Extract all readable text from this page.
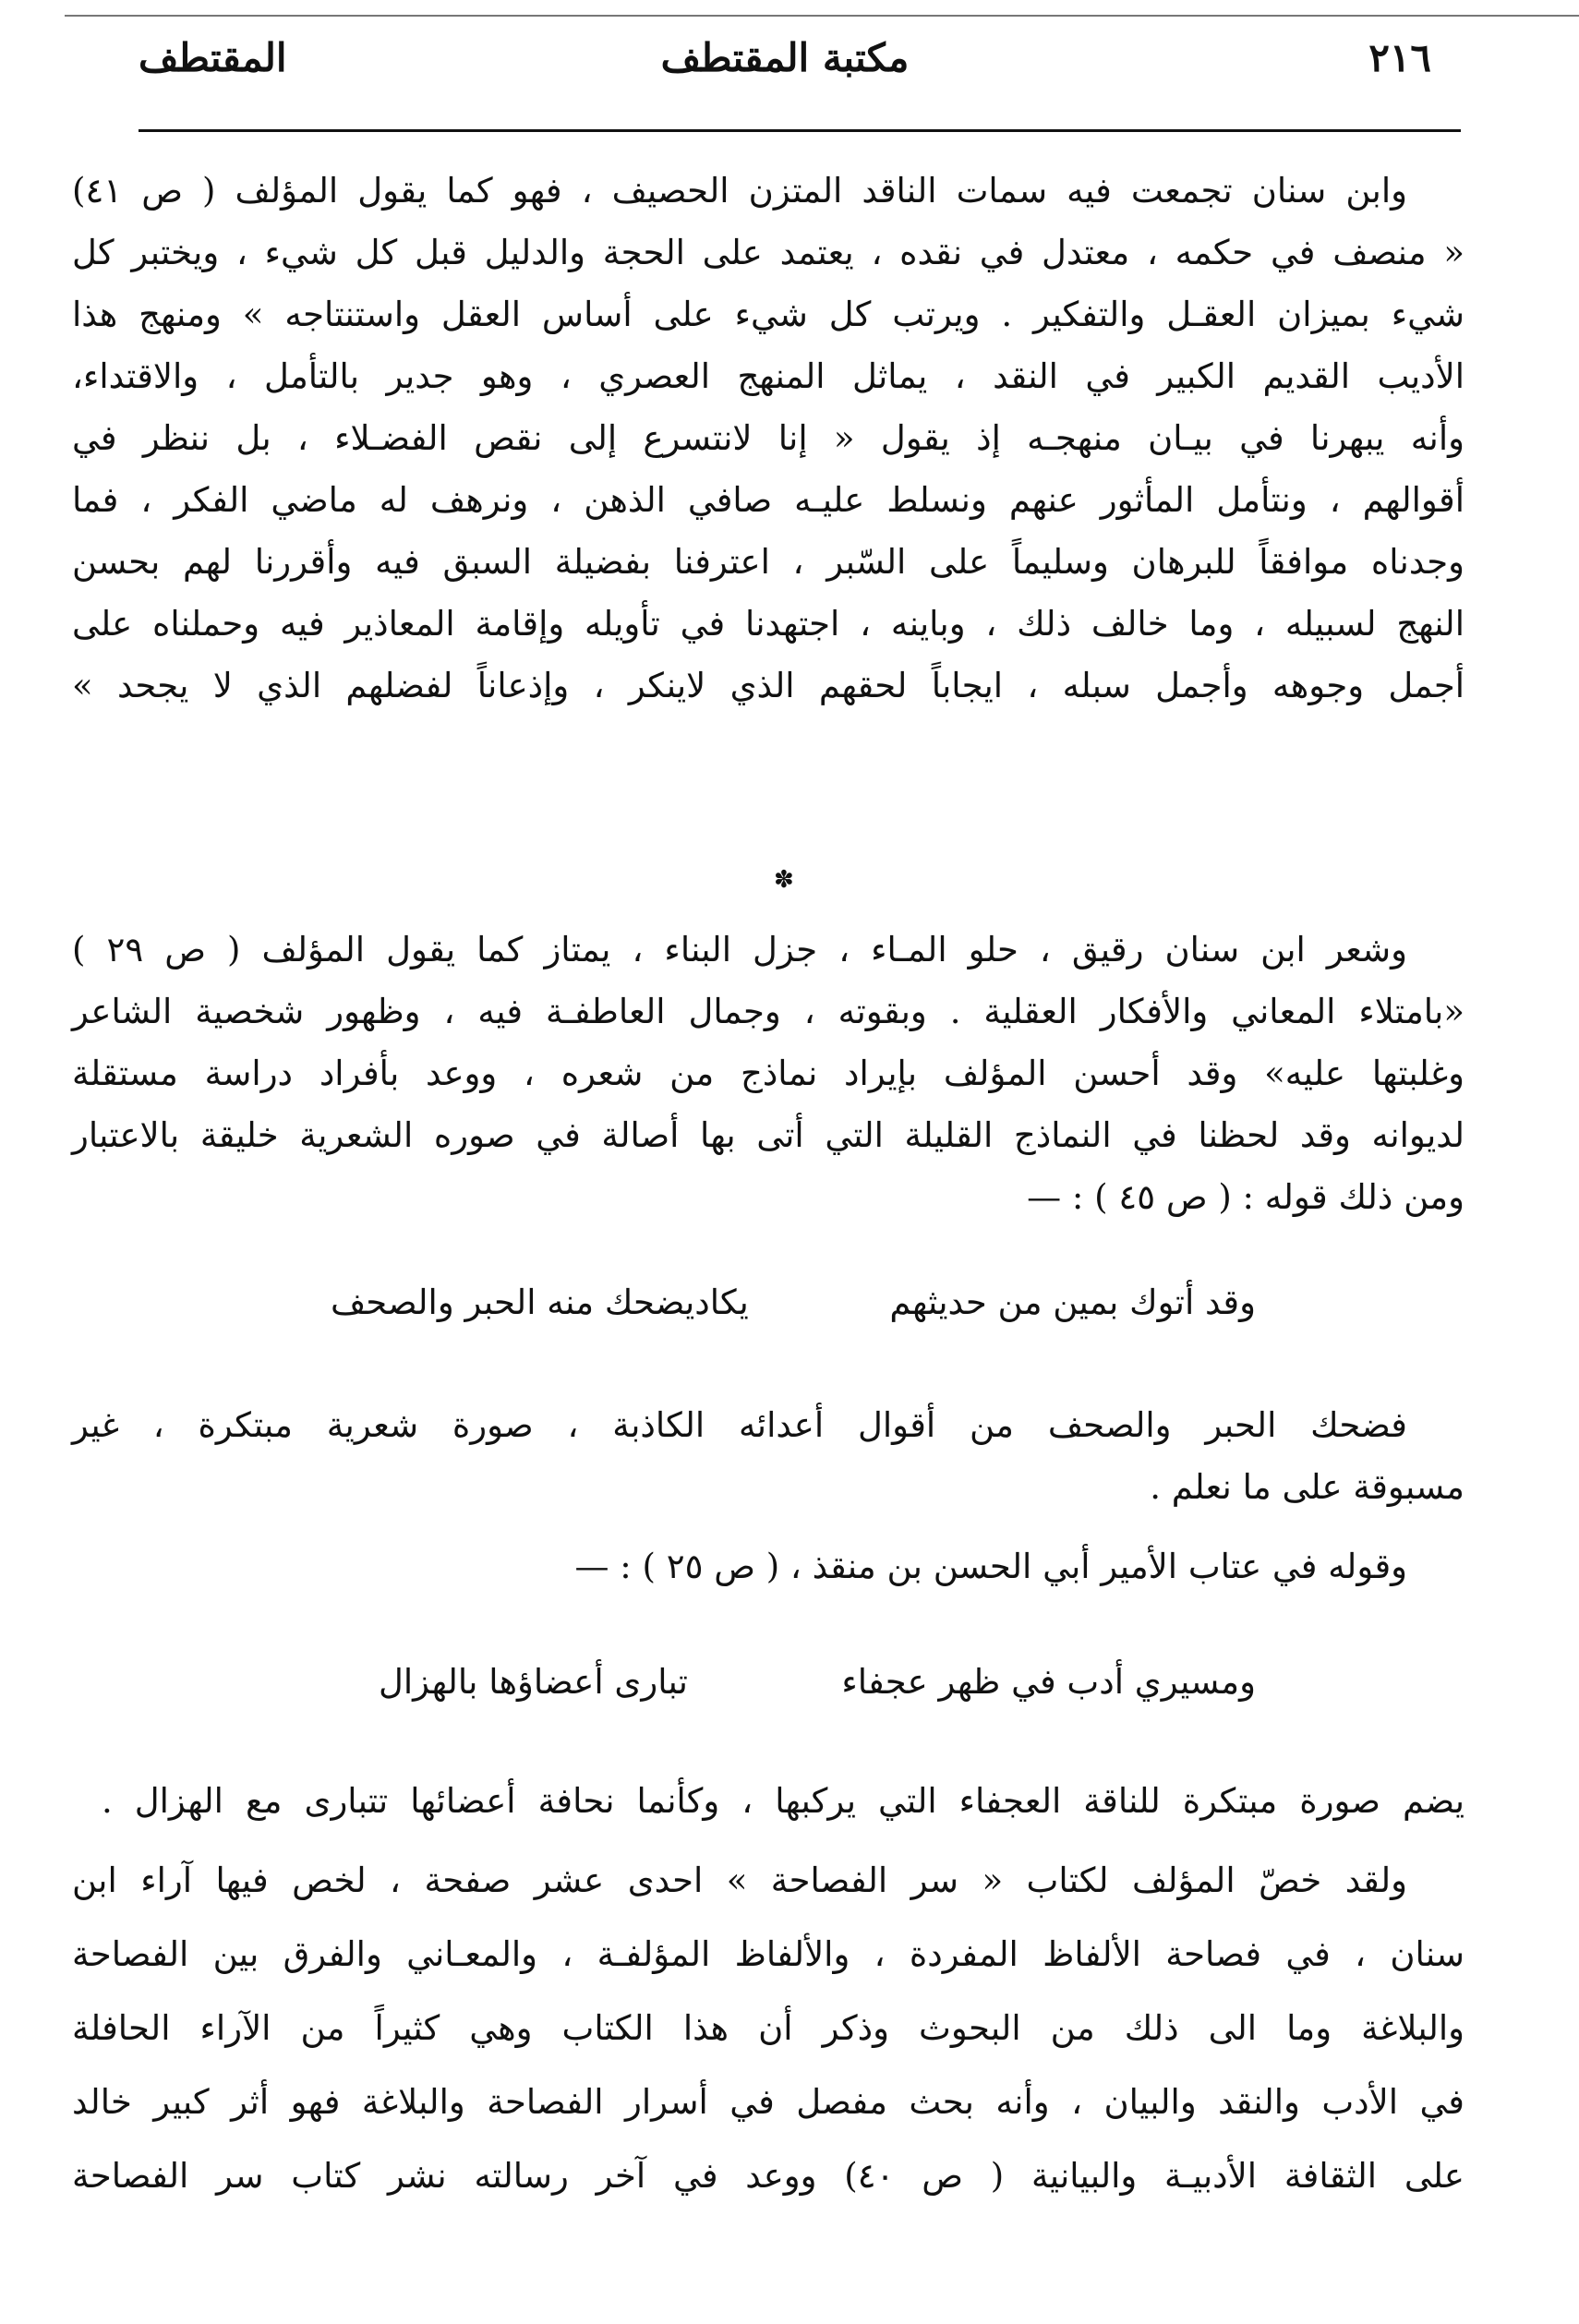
٢١٦
مكتبة المقتطف
المقتطف
وابن سنان تجمعت فيه سمات الناقد المتزن الحصيف ، فهو كما يقول المؤلف ( ص ٤١)
« منصف في حكمه ، معتدل في نقده ، يعتمد على الحجة والدليل قبل كل شيء ، ويختبر كل
شيء بميزان العقـل والتفكير . ويرتب كل شيء على أساس العقل واستنتاجه » ومنهج هذا
الأديب القديم الكبير في النقد ، يماثل المنهج العصري ، وهو جدير بالتأمل ، والاقتداء،
وأنه يبهرنا في بيـان منهجـه إذ يقول « إنا لانتسرع إلى نقص الفضـلاء ، بل ننظر في
أقوالهم ، ونتأمل المأثور عنهم ونسلط عليـه صافي الذهن ، ونرهف له ماضي الفكر ، فما
وجدناه موافقاً للبرهان وسليماً على السّبر ، اعترفنا بفضيلة السبق فيه وأقررنا لهم بحسن
النهج لسبيله ، وما خالف ذلك ، وباينه ، اجتهدنا في تأويله وإقامة المعاذير فيه وحملناه على
أجمل وجوهه وأجمل سبله ، ايجاباً لحقهم الذي لاينكر ، وإذعاناً لفضلهم الذي لا يجحد »
✽
وشعر ابن سنان رقيق ، حلو المـاء ، جزل البناء ، يمتاز كما يقول المؤلف ( ص ٢٩ )
«بامتلاء المعاني والأفكار العقلية . وبقوته ، وجمال العاطفـة فيه ، وظهور شخصية الشاعر
وغلبتها عليه» وقد أحسن المؤلف بإيراد نماذج من شعره ، ووعد بأفراد دراسة مستقلة
لديوانه وقد لحظنا في النماذج القليلة التي أتى بها أصالة في صوره الشعرية خليقة بالاعتبار
ومن ذلك قوله : ( ص ٤٥ ) : —
وقد أتوك بمين من حديثهم
يكاديضحك منه الحبر والصحف
فضحك الحبر والصحف من أقوال أعدائه الكاذبة ، صورة شعرية مبتكرة ، غير
مسبوقة على ما نعلم .
وقوله في عتاب الأمير أبي الحسن بن منقذ ، ( ص ٢٥ ) : —
ومسيري أدب في ظهر عجفاء
تبارى أعضاؤها بالهزال
يضم صورة مبتكرة للناقة العجفاء التي يركبها ، وكأنما نحافة أعضائها تتبارى مع الهزال .
ولقد خصّ المؤلف لكتاب « سر الفصاحة » احدى عشر صفحة ، لخص فيها آراء ابن
سنان ، في فصاحة الألفاظ المفردة ، والألفاظ المؤلفـة ، والمعـاني والفرق بين الفصاحة
والبلاغة وما الى ذلك من البحوث وذكر أن هذا الكتاب وهي كثيراً من الآراء الحافلة
في الأدب والنقد والبيان ، وأنه بحث مفصل في أسرار الفصاحة والبلاغة فهو أثر كبير خالد
على الثقافة الأدبيـة والبيانية ( ص ٤٠) ووعد في آخر رسالته نشر كتاب سر الفصاحة
